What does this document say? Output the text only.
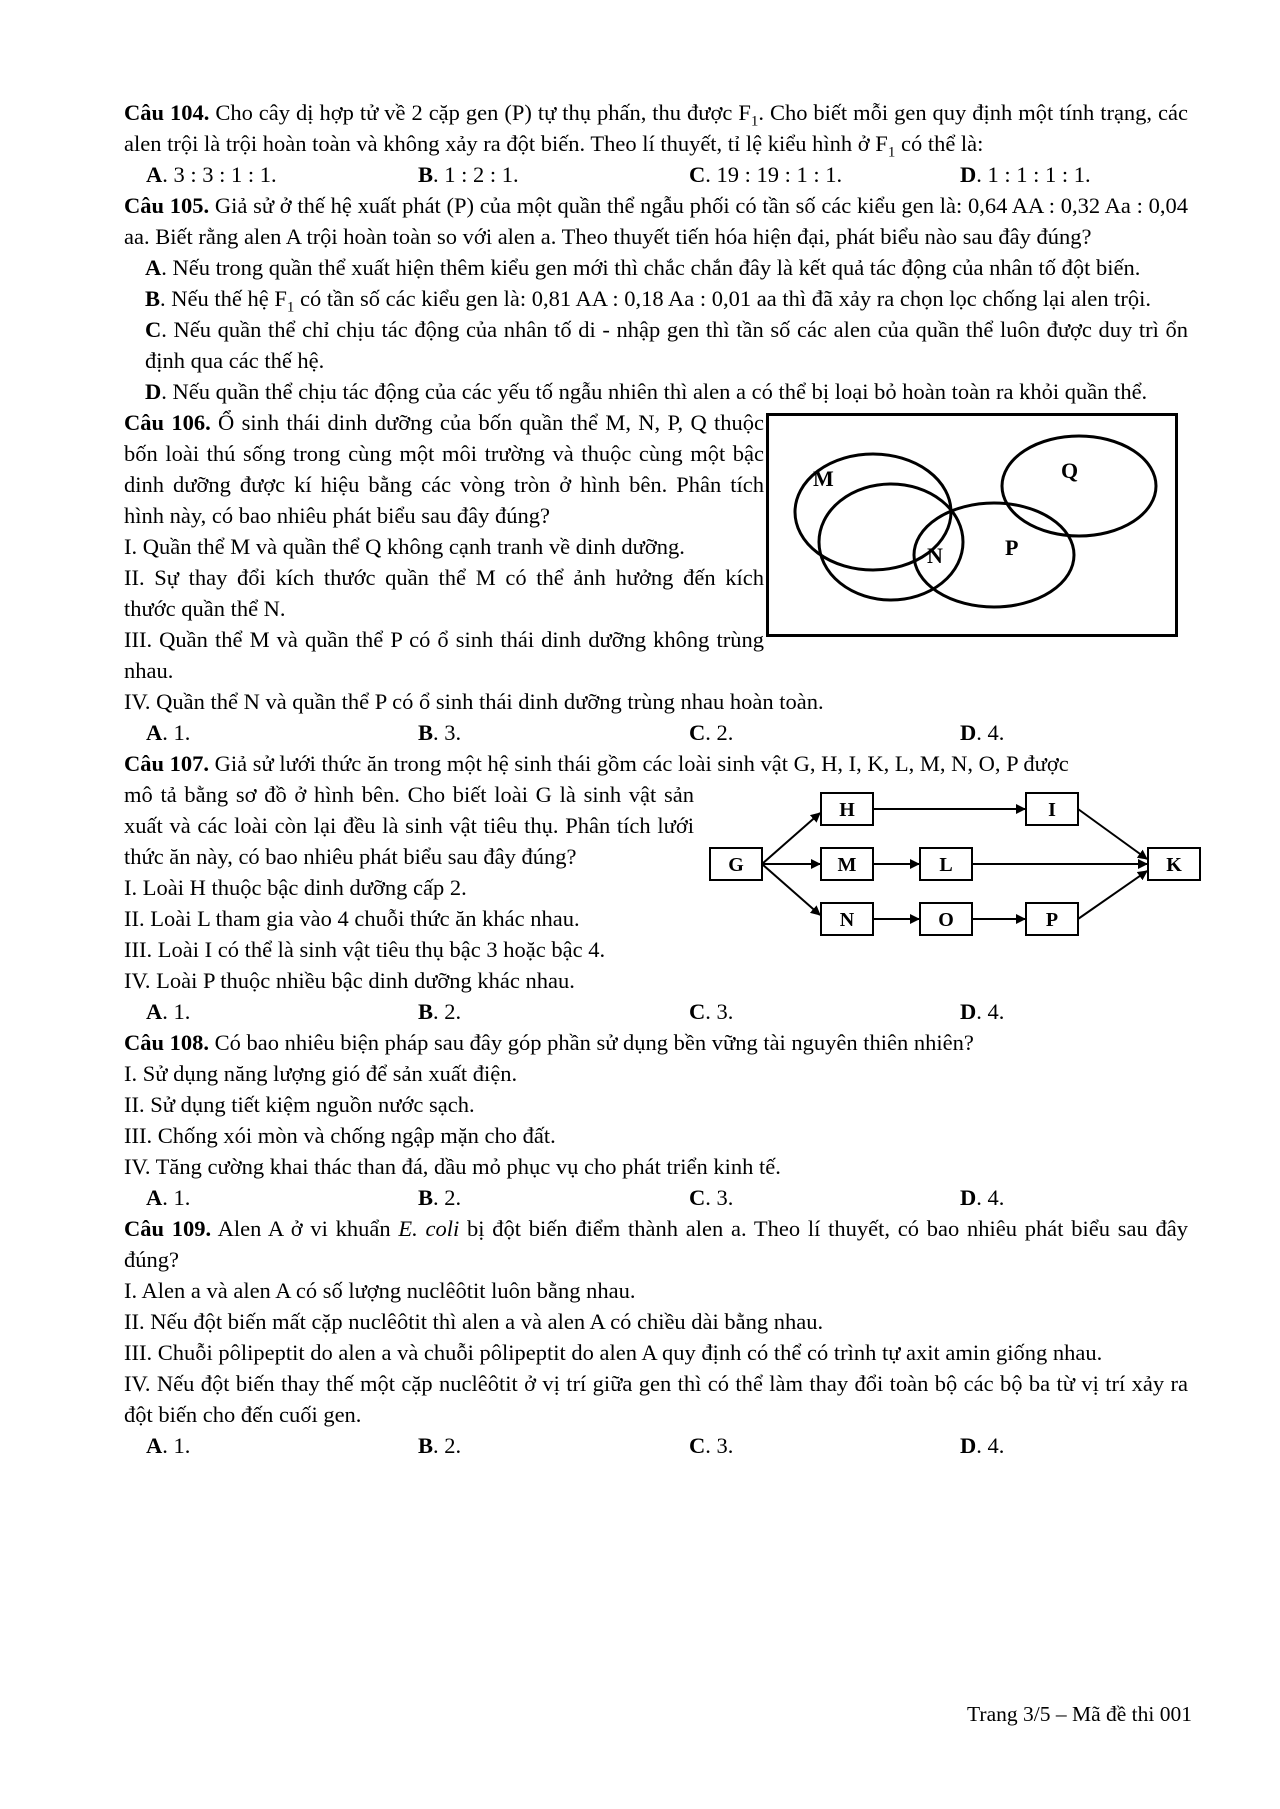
Câu 104. Cho cây dị hợp tử về 2 cặp gen (P) tự thụ phấn, thu được $F_1$. Cho biết mỗi gen quy định một tính trạng, các alen trội là trội hoàn toàn và không xảy ra đột biến. Theo lí thuyết, tỉ lệ kiểu hình ở $F_1$ có thể là:

A. 3 : 3 : 1 : 1.	B. 1 : 2 : 1.	C. 19 : 19 : 1 : 1.	D. 1 : 1 : 1 : 1.

Câu 105. Giả sử ở thế hệ xuất phát (P) của một quần thể ngẫu phối có tần số các kiểu gen là: 0,64 AA : 0,32 Aa : 0,04 aa. Biết rằng alen A trội hoàn toàn so với alen a. Theo thuyết tiến hóa hiện đại, phát biểu nào sau đây đúng?

A. Nếu trong quần thể xuất hiện thêm kiểu gen mới thì chắc chắn đây là kết quả tác động của nhân tố đột biến.

B. Nếu thế hệ $F_1$ có tần số các kiểu gen là: 0,81 AA : 0,18 Aa : 0,01 aa thì đã xảy ra chọn lọc chống lại alen trội.

C. Nếu quần thể chỉ chịu tác động của nhân tố di - nhập gen thì tần số các alen của quần thể luôn được duy trì ổn định qua các thế hệ.

D. Nếu quần thể chịu tác động của các yếu tố ngẫu nhiên thì alen a có thể bị loại bỏ hoàn toàn ra khỏi quần thể.

M	Q
N	P

Câu 106. Ổ sinh thái dinh dưỡng của bốn quần thể M, N, P, Q thuộc bốn loài thú sống trong cùng một môi trường và thuộc cùng một bậc dinh dưỡng được kí hiệu bằng các vòng tròn ở hình bên. Phân tích hình này, có bao nhiêu phát biểu sau đây đúng?

I. Quần thể M và quần thể Q không cạnh tranh về dinh dưỡng.

II. Sự thay đổi kích thước quần thể M có thể ảnh hưởng đến kích thước quần thể N.

III. Quần thể M và quần thể P có ổ sinh thái dinh dưỡng không trùng nhau.

IV. Quần thể N và quần thể P có ổ sinh thái dinh dưỡng trùng nhau hoàn toàn.

A. 1.	B. 3.	C. 2.	D. 4.

Câu 107. Giả sử lưới thức ăn trong một hệ sinh thái gồm các loài sinh vật G, H, I, K, L, M, N, O, P được

G
H
M
N
L
O
I
P
K

mô tả bằng sơ đồ ở hình bên. Cho biết loài G là sinh vật sản xuất và các loài còn lại đều là sinh vật tiêu thụ. Phân tích lưới thức ăn này, có bao nhiêu phát biểu sau đây đúng?

I. Loài H thuộc bậc dinh dưỡng cấp 2.

II. Loài L tham gia vào 4 chuỗi thức ăn khác nhau.

III. Loài I có thể là sinh vật tiêu thụ bậc 3 hoặc bậc 4.

IV. Loài P thuộc nhiều bậc dinh dưỡng khác nhau.

A. 1.	B. 2.	C. 3.	D. 4.

Câu 108. Có bao nhiêu biện pháp sau đây góp phần sử dụng bền vững tài nguyên thiên nhiên?

I. Sử dụng năng lượng gió để sản xuất điện.

II. Sử dụng tiết kiệm nguồn nước sạch.

III. Chống xói mòn và chống ngập mặn cho đất.

IV. Tăng cường khai thác than đá, dầu mỏ phục vụ cho phát triển kinh tế.

A. 1.	B. 2.	C. 3.	D. 4.

Câu 109. Alen A ở vi khuẩn E. coli bị đột biến điểm thành alen a. Theo lí thuyết, có bao nhiêu phát biểu sau đây đúng?

I. Alen a và alen A có số lượng nuclêôtit luôn bằng nhau.

II. Nếu đột biến mất cặp nuclêôtit thì alen a và alen A có chiều dài bằng nhau.

III. Chuỗi pôlipeptit do alen a và chuỗi pôlipeptit do alen A quy định có thể có trình tự axit amin giống nhau.

IV. Nếu đột biến thay thế một cặp nuclêôtit ở vị trí giữa gen thì có thể làm thay đổi toàn bộ các bộ ba từ vị trí xảy ra đột biến cho đến cuối gen.

A. 1.	B. 2.	C. 3.	D. 4.
Trang 3/5 – Mã đề thi 001
